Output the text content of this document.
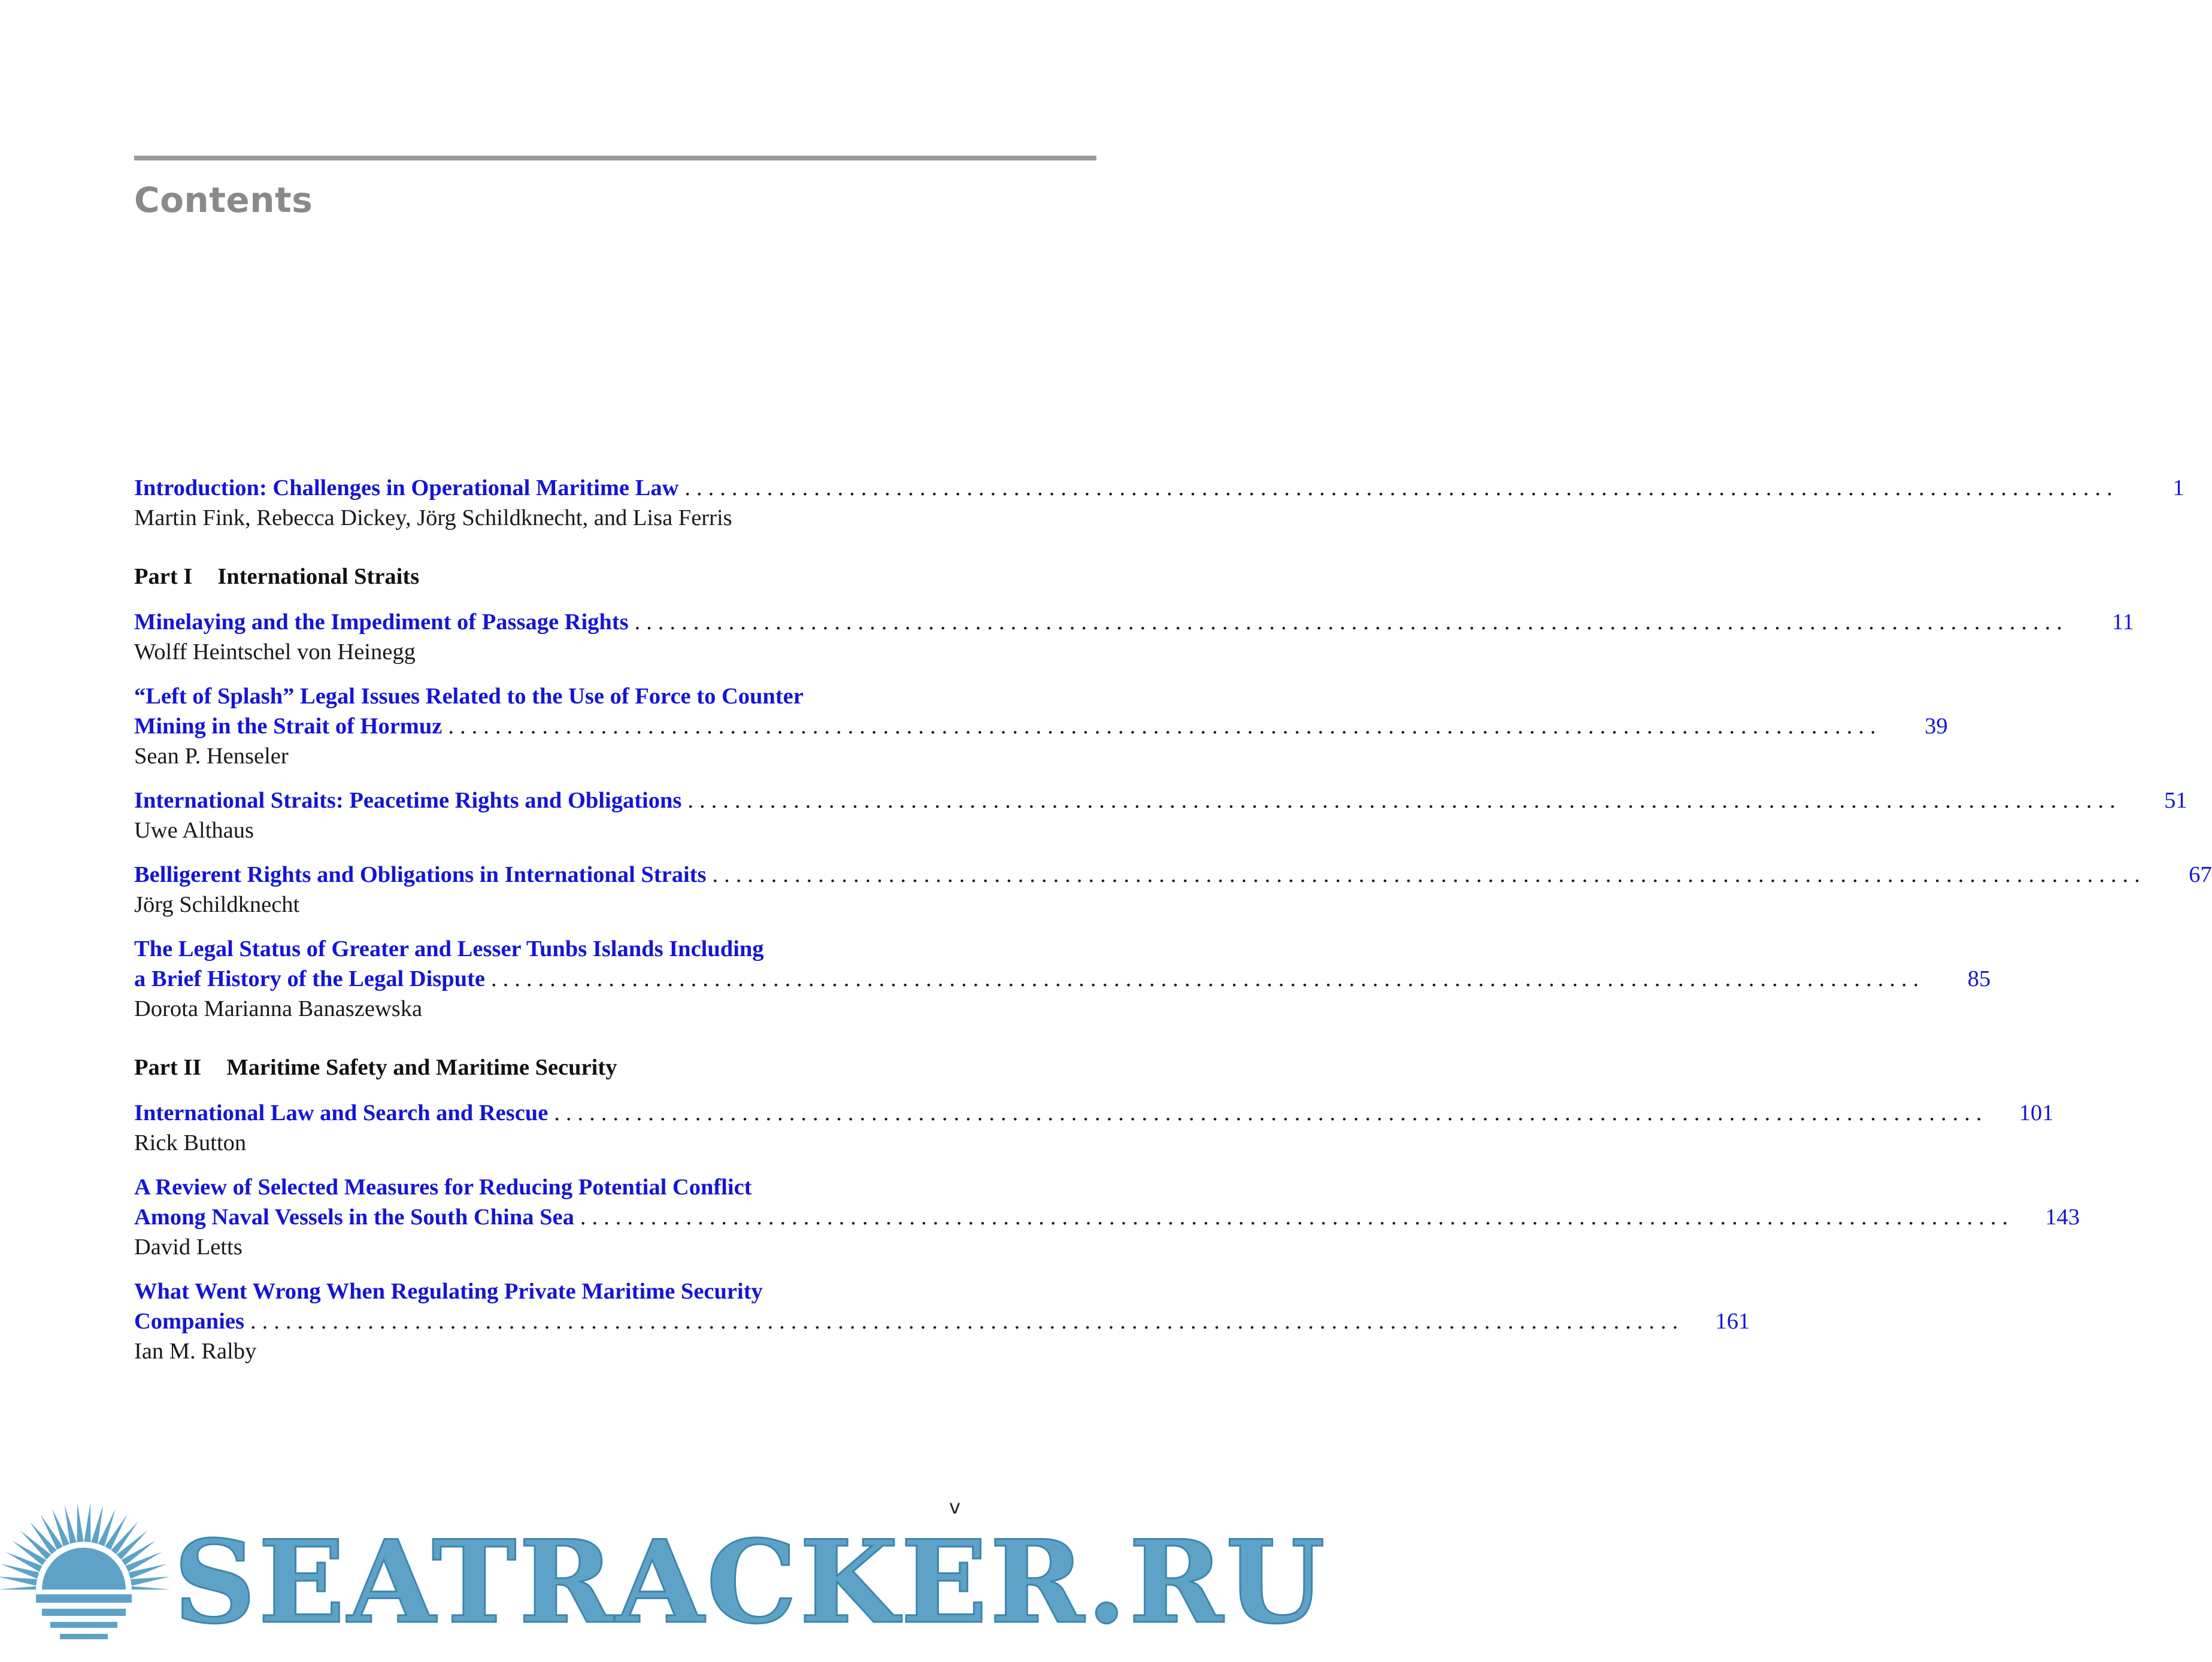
Contents
Introduction: Challenges in Operational Maritime Law ..........................................................................................................................	1
Martin Fink, Rebecca Dickey, Jörg Schildknecht, and Lisa Ferris
Part I International Straits
Minelaying and the Impediment of Passage Rights ..........................................................................................................................	11
Wolff Heintschel von Heinegg
“Left of Splash” Legal Issues Related to the Use of Force to Counter
Mining in the Strait of Hormuz ..........................................................................................................................	39
Sean P. Henseler
International Straits: Peacetime Rights and Obligations ..........................................................................................................................	51
Uwe Althaus
Belligerent Rights and Obligations in International Straits ..........................................................................................................................	67
Jörg Schildknecht
The Legal Status of Greater and Lesser Tunbs Islands Including
a Brief History of the Legal Dispute ..........................................................................................................................	85
Dorota Marianna Banaszewska
Part II Maritime Safety and Maritime Security
International Law and Search and Rescue ..........................................................................................................................	101
Rick Button
A Review of Selected Measures for Reducing Potential Conflict
Among Naval Vessels in the South China Sea ..........................................................................................................................	143
David Letts
What Went Wrong When Regulating Private Maritime Security
Companies ..........................................................................................................................	161
Ian M. Ralby
v
SEATRACKER.RU
